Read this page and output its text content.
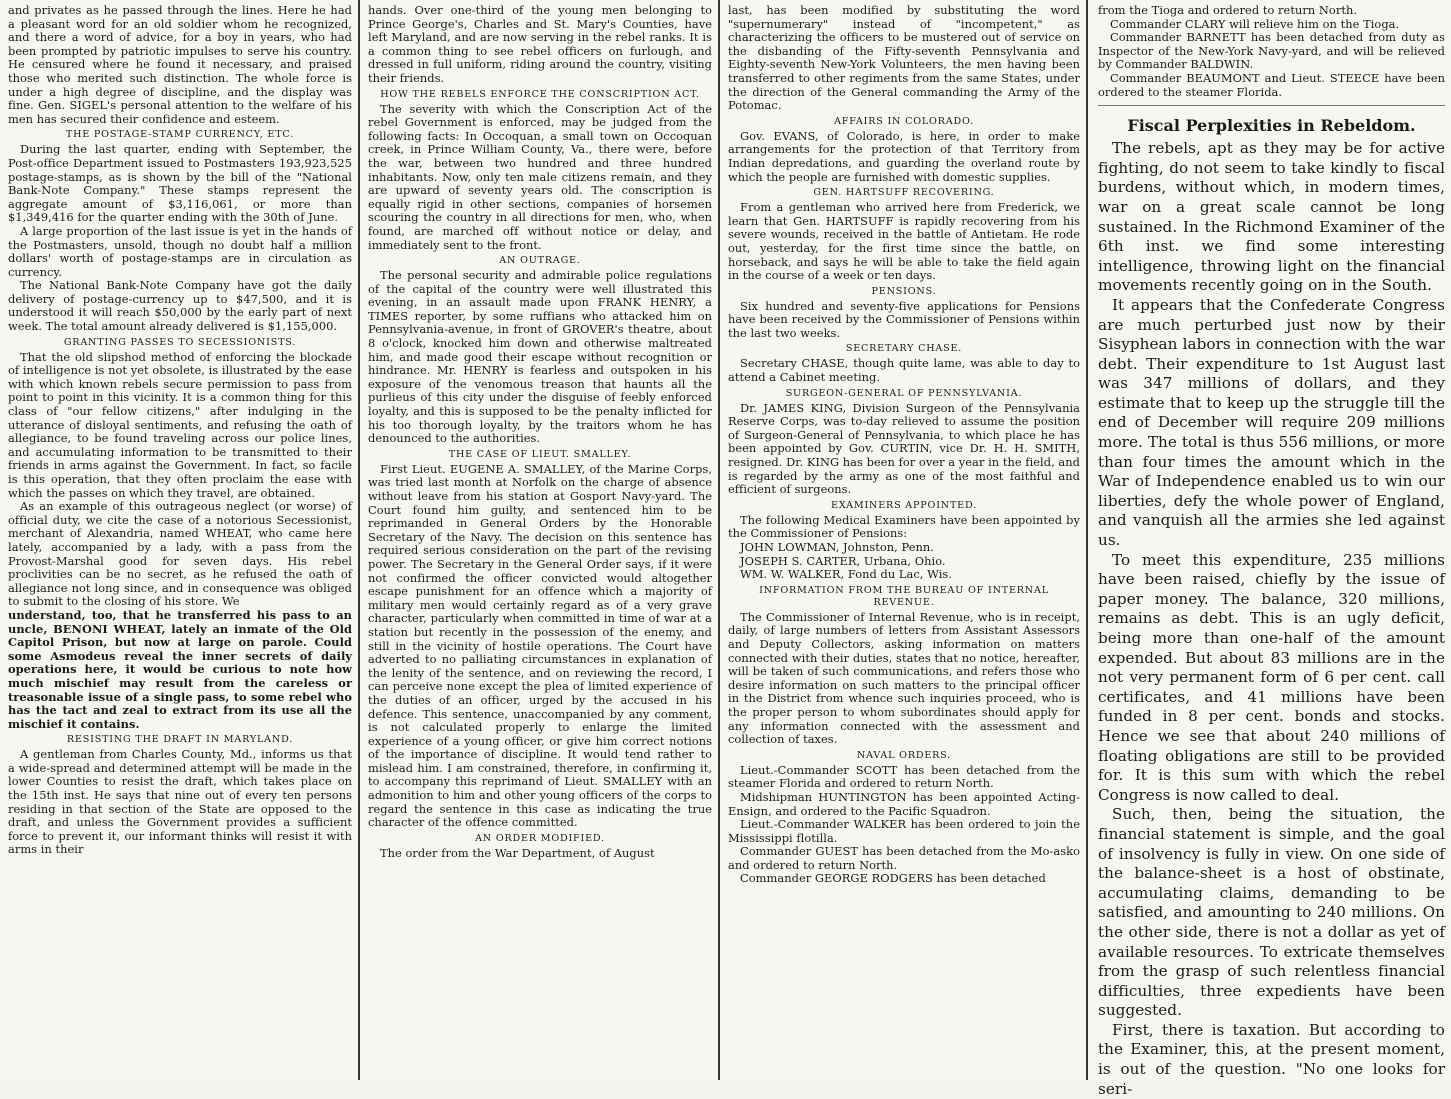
and privates as he passed through the lines. Here he had a pleasant word for an old soldier whom he recognized, and there a word of advice, for a boy in years, who had been prompted by patriotic impulses to serve his country. He censured where he found it necessary, and praised those who merited such distinction. The whole force is under a high degree of discipline, and the display was fine. Gen. SIGEL's personal attention to the welfare of his men has secured their confidence and esteem.

THE POSTAGE-STAMP CURRENCY, ETC.

During the last quarter, ending with September, the Post-office Department issued to Postmasters 193,923,525 postage-stamps, as is shown by the bill of the "National Bank-Note Company." These stamps represent the aggregate amount of $3,116,061, or more than $1,349,416 for the quarter ending with the 30th of June.

A large proportion of the last issue is yet in the hands of the Postmasters, unsold, though no doubt half a million dollars' worth of postage-stamps are in circulation as currency.

The National Bank-Note Company have got the daily delivery of postage-currency up to $47,500, and it is understood it will reach $50,000 by the early part of next week. The total amount already delivered is $1,155,000.

GRANTING PASSES TO SECESSIONISTS.

That the old slipshod method of enforcing the blockade of intelligence is not yet obsolete, is illustrated by the ease with which known rebels secure permission to pass from point to point in this vicinity. It is a common thing for this class of "our fellow citizens," after indulging in the utterance of disloyal sentiments, and refusing the oath of allegiance, to be found traveling across our police lines, and accumulating information to be transmitted to their friends in arms against the Government. In fact, so facile is this operation, that they often proclaim the ease with which the passes on which they travel, are obtained.

As an example of this outrageous neglect (or worse) of official duty, we cite the case of a notorious Secessionist, merchant of Alexandria, named WHEAT, who came here lately, accompanied by a lady, with a pass from the Provost-Marshal good for seven days. His rebel proclivities can be no secret, as he refused the oath of allegiance not long since, and in consequence was obliged to submit to the closing of his store. We

understand, too, that he transferred his pass to an uncle, BENONI WHEAT, lately an inmate of the Old Capitol Prison, but now at large on parole. Could some Asmodeus reveal the inner secrets of daily operations here, it would be curious to note how much mischief may result from the careless or treasonable issue of a single pass, to some rebel who has the tact and zeal to extract from its use all the mischief it contains.

RESISTING THE DRAFT IN MARYLAND.

A gentleman from Charles County, Md., informs us that a wide-spread and determined attempt will be made in the lower Counties to resist the draft, which takes place on the 15th inst. He says that nine out of every ten persons residing in that section of the State are opposed to the draft, and unless the Government provides a sufficient force to prevent it, our informant thinks will resist it with arms in their

hands. Over one-third of the young men belonging to Prince George's, Charles and St. Mary's Counties, have left Maryland, and are now serving in the rebel ranks. It is a common thing to see rebel officers on furlough, and dressed in full uniform, riding around the country, visiting their friends.

HOW THE REBELS ENFORCE THE CONSCRIPTION ACT.

The severity with which the Conscription Act of the rebel Government is enforced, may be judged from the following facts: In Occoquan, a small town on Occoquan creek, in Prince William County, Va., there were, before the war, between two hundred and three hundred inhabitants. Now, only ten male citizens remain, and they are upward of seventy years old. The conscription is equally rigid in other sections, companies of horsemen scouring the country in all directions for men, who, when found, are marched off without notice or delay, and immediately sent to the front.

AN OUTRAGE.

The personal security and admirable police regulations of the capital of the country were well illustrated this evening, in an assault made upon FRANK HENRY, a TIMES reporter, by some ruffians who attacked him on Pennsylvania-avenue, in front of GROVER's theatre, about 8 o'clock, knocked him down and otherwise maltreated him, and made good their escape without recognition or hindrance. Mr. HENRY is fearless and outspoken in his exposure of the venomous treason that haunts all the purlieus of this city under the disguise of feebly enforced loyalty, and this is supposed to be the penalty inflicted for his too thorough loyalty, by the traitors whom he has denounced to the authorities.

THE CASE OF LIEUT. SMALLEY.

First Lieut. EUGENE A. SMALLEY, of the Marine Corps, was tried last month at Norfolk on the charge of absence without leave from his station at Gosport Navy-yard. The Court found him guilty, and sentenced him to be reprimanded in General Orders by the Honorable Secretary of the Navy. The decision on this sentence has required serious consideration on the part of the revising power. The Secretary in the General Order says, if it were not confirmed the officer convicted would altogether escape punishment for an offence which a majority of military men would certainly regard as of a very grave character, particularly when committed in time of war at a station but recently in the possession of the enemy, and still in the vicinity of hostile operations. The Court have adverted to no palliating circumstances in explanation of the lenity of the sentence, and on reviewing the record, I can perceive none except the plea of limited experience of the duties of an officer, urged by the accused in his defence. This sentence, unaccompanied by any comment, is not calculated properly to enlarge the limited experience of a young officer, or give him correct notions of the importance of discipline. It would tend rather to mislead him. I am constrained, therefore, in confirming it, to accompany this reprimand of Lieut. SMALLEY with an admonition to him and other young officers of the corps to regard the sentence in this case as indicating the true character of the offence committed.

AN ORDER MODIFIED.

The order from the War Department, of August

last, has been modified by substituting the word "supernumerary" instead of "incompetent," as characterizing the officers to be mustered out of service on the disbanding of the Fifty-seventh Pennsylvania and Eighty-seventh New-York Volunteers, the men having been transferred to other regiments from the same States, under the direction of the General commanding the Army of the Potomac.

AFFAIRS IN COLORADO.

Gov. EVANS, of Colorado, is here, in order to make arrangements for the protection of that Territory from Indian depredations, and guarding the overland route by which the people are furnished with domestic supplies.

GEN. HARTSUFF RECOVERING.

From a gentleman who arrived here from Frederick, we learn that Gen. HARTSUFF is rapidly recovering from his severe wounds, received in the battle of Antietam. He rode out, yesterday, for the first time since the battle, on horseback, and says he will be able to take the field again in the course of a week or ten days.

PENSIONS.

Six hundred and seventy-five applications for Pensions have been received by the Commissioner of Pensions within the last two weeks.

SECRETARY CHASE.

Secretary CHASE, though quite lame, was able to day to attend a Cabinet meeting.

SURGEON-GENERAL OF PENNSYLVANIA.

Dr. JAMES KING, Division Surgeon of the Pennsylvania Reserve Corps, was to-day relieved to assume the position of Surgeon-General of Pennsylvania, to which place he has been appointed by Gov. CURTIN, vice Dr. H. H. SMITH, resigned. Dr. KING has been for over a year in the field, and is regarded by the army as one of the most faithful and efficient of surgeons.

EXAMINERS APPOINTED.

The following Medical Examiners have been appointed by the Commissioner of Pensions:

JOHN LOWMAN, Johnston, Penn.

JOSEPH S. CARTER, Urbana, Ohio.

WM. W. WALKER, Fond du Lac, Wis.

INFORMATION FROM THE BUREAU OF INTERNAL REVENUE.

The Commissioner of Internal Revenue, who is in receipt, daily, of large numbers of letters from Assistant Assessors and Deputy Collectors, asking information on matters connected with their duties, states that no notice, hereafter, will be taken of such communications, and refers those who desire information on such matters to the principal officer in the District from whence such inquiries proceed, who is the proper person to whom subordinates should apply for any information connected with the assessment and collection of taxes.

NAVAL ORDERS.

Lieut.-Commander SCOTT has been detached from the steamer Florida and ordered to return North.

Midshipman HUNTINGTON has been appointed Acting-Ensign, and ordered to the Pacific Squadron.

Lieut.-Commander WALKER has been ordered to join the Mississippi flotilla.

Commander GUEST has been detached from the Mo-asko and ordered to return North.

Commander GEORGE RODGERS has been detached

from the Tioga and ordered to return North.

Commander CLARY will relieve him on the Tioga.

Commander BARNETT has been detached from duty as Inspector of the New-York Navy-yard, and will be relieved by Commander BALDWIN.

Commander BEAUMONT and Lieut. STEECE have been ordered to the steamer Florida.

Fiscal Perplexities in Rebeldom.

The rebels, apt as they may be for active fighting, do not seem to take kindly to fiscal burdens, without which, in modern times, war on a great scale cannot be long sustained. In the Richmond Examiner of the 6th inst. we find some interesting intelligence, throwing light on the financial movements recently going on in the South.

It appears that the Confederate Congress are much perturbed just now by their Sisyphean labors in connection with the war debt. Their expenditure to 1st August last was 347 millions of dollars, and they estimate that to keep up the struggle till the end of December will require 209 millions more. The total is thus 556 millions, or more than four times the amount which in the War of Independence enabled us to win our liberties, defy the whole power of England, and vanquish all the armies she led against us.

To meet this expenditure, 235 millions have been raised, chiefly by the issue of paper money. The balance, 320 millions, remains as debt. This is an ugly deficit, being more than one-half of the amount expended. But about 83 millions are in the not very permanent form of 6 per cent. call certificates, and 41 millions have been funded in 8 per cent. bonds and stocks. Hence we see that about 240 millions of floating obligations are still to be provided for. It is this sum with which the rebel Congress is now called to deal.

Such, then, being the situation, the financial statement is simple, and the goal of insolvency is fully in view. On one side of the balance-sheet is a host of obstinate, accumulating claims, demanding to be satisfied, and amounting to 240 millions. On the other side, there is not a dollar as yet of available resources. To extricate themselves from the grasp of such relentless financial difficulties, three expedients have been suggested.

First, there is taxation. But according to the Examiner, this, at the present moment, is out of the question. "No one looks for seri-
